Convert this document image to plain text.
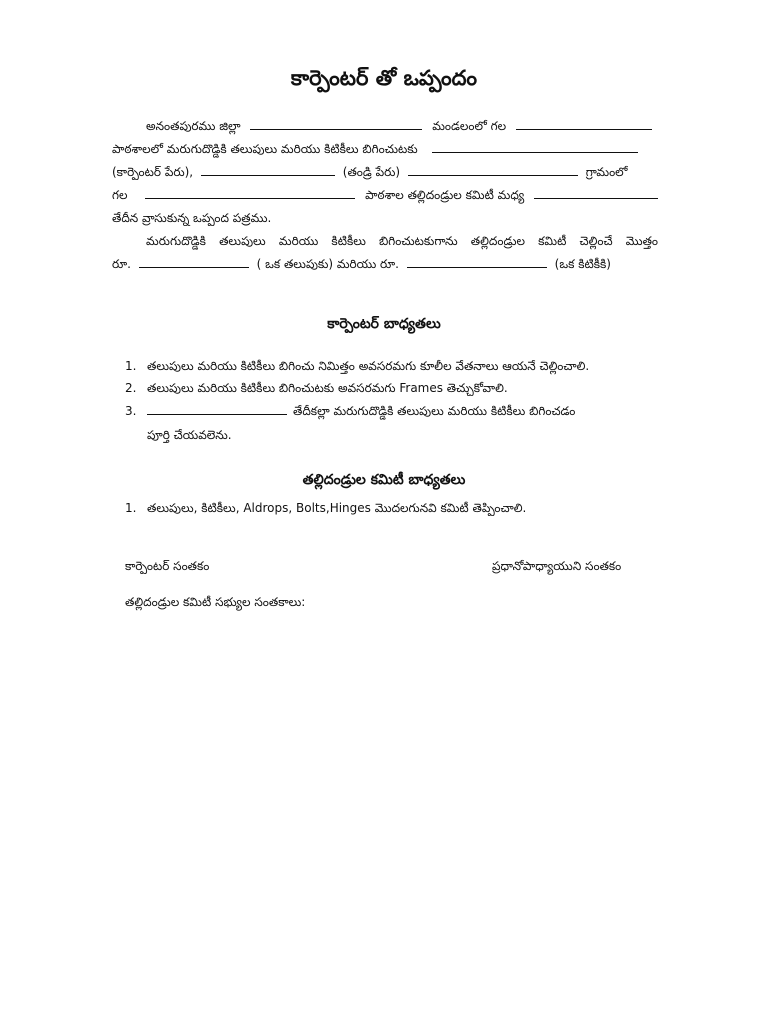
కార్పెంటర్ తో ఒప్పందం
అనంతపురము జిల్లా	మండలంలో గల
పాఠశాలలో మరుగుదొడ్డికి తలుపులు మరియు కిటికీలు బిగించుటకు
(కార్పెంటర్ పేరు),	(తండ్రి పేరు)	గ్రామంలో
గల	పాఠశాల తల్లిదండ్రుల కమిటీ మధ్య
తేదీన వ్రాసుకున్న ఒప్పంద పత్రము.
మరుగుదొడ్డికి తలుపులు మరియు కిటికీలు బిగించుటకుగాను తల్లిదండ్రుల కమిటీ చెల్లించే మొత్తం
రూ.	( ఒక తలుపుకు) మరియు రూ.	(ఒక కిటికీకి)
కార్పెంటర్ బాధ్యతలు
1. తలుపులు మరియు కిటికీలు బిగించు నిమిత్తం అవసరమగు కూలీల వేతనాలు ఆయనే చెల్లించాలి.
2. తలుపులు మరియు కిటికీలు బిగించుటకు అవసరమగు Frames తెచ్చుకోవాలి.
3.	తేదీకల్లా మరుగుదొడ్డికి తలుపులు మరియు కిటికీలు బిగించడం
పూర్తి చేయవలెను.
తల్లిదండ్రుల కమిటీ బాధ్యతలు
1. తలుపులు, కిటికీలు, Aldrops, Bolts,Hinges మొదలగునవి కమిటీ తెప్పించాలి.
కార్పెంటర్ సంతకం	ప్రధానోపాధ్యాయుని సంతకం
తల్లిదండ్రుల కమిటీ సభ్యుల సంతకాలు:
